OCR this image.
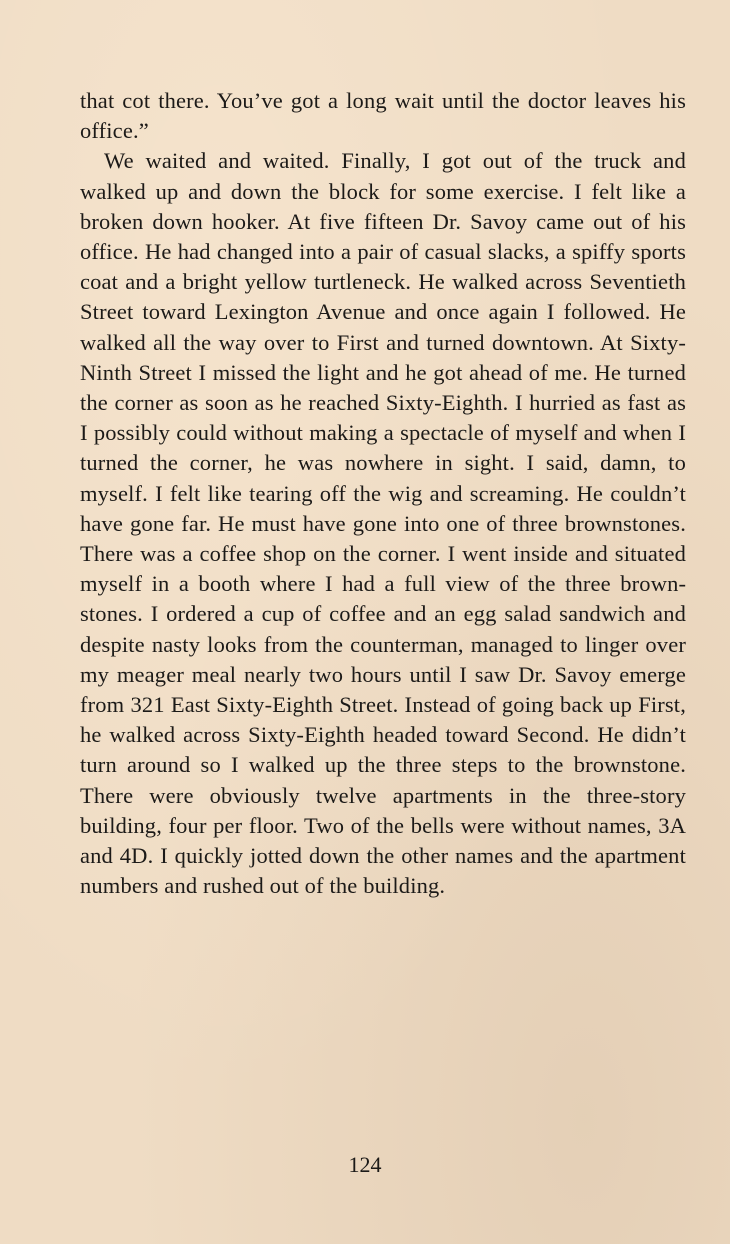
that cot there. You’ve got a long wait until the doctor leaves his office.”

We waited and waited. Finally, I got out of the truck and walked up and down the block for some exercise. I felt like a broken down hooker. At five fifteen Dr. Savoy came out of his office. He had changed into a pair of casual slacks, a spiffy sports coat and a bright yellow turtleneck. He walked across Seventieth Street toward Lexington Avenue and once again I followed. He walked all the way over to First and turned downtown. At Sixty-Ninth Street I missed the light and he got ahead of me. He turned the corner as soon as he reached Sixty-Eighth. I hurried as fast as I possibly could without making a spectacle of myself and when I turned the corner, he was nowhere in sight. I said, damn, to myself. I felt like tearing off the wig and screaming. He couldn’t have gone far. He must have gone into one of three brownstones. There was a coffee shop on the corner. I went inside and situated myself in a booth where I had a full view of the three brownstones. I ordered a cup of coffee and an egg salad sandwich and despite nasty looks from the counterman, managed to linger over my meager meal nearly two hours until I saw Dr. Savoy emerge from 321 East Sixty-Eighth Street. Instead of going back up First, he walked across Sixty-Eighth headed toward Second. He didn’t turn around so I walked up the three steps to the brownstone. There were obviously twelve apartments in the three-story building, four per floor. Two of the bells were without names, 3A and 4D. I quickly jotted down the other names and the apartment numbers and rushed out of the building.

124
